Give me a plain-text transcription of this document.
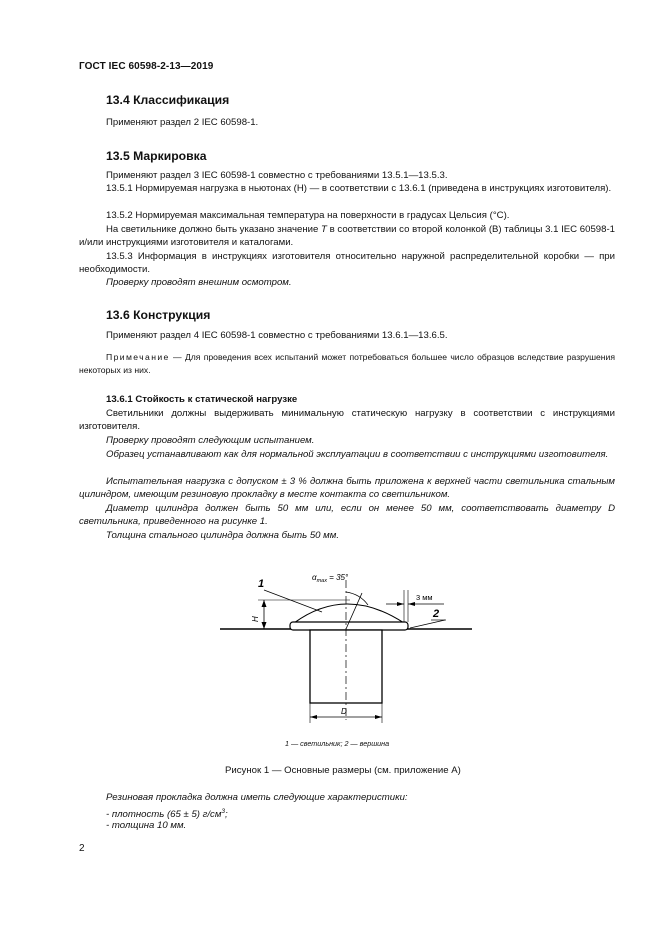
ГОСТ IEC 60598-2-13—2019
13.4 Классификация
Применяют раздел 2 IEC 60598-1.
13.5 Маркировка
Применяют раздел 3 IEC 60598-1 совместно с требованиями 13.5.1—13.5.3.
13.5.1 Нормируемая нагрузка в ньютонах (Н) — в соответствии с 13.6.1 (приведена в инструкциях изготовителя).
13.5.2 Нормируемая максимальная температура на поверхности в градусах Цельсия (°С).
На светильнике должно быть указано значение T в соответствии со второй колонкой (В) таблицы 3.1 IEC 60598-1 и/или инструкциями изготовителя и каталогами.
13.5.3 Информация в инструкциях изготовителя относительно наружной распределительной коробки — при необходимости.
Проверку проводят внешним осмотром.
13.6 Конструкция
Применяют раздел 4 IEC 60598-1 совместно с требованиями 13.6.1—13.6.5.
Примечание — Для проведения всех испытаний может потребоваться большее число образцов вследствие разрушения некоторых из них.
13.6.1 Стойкость к статической нагрузке
Светильники должны выдерживать минимальную статическую нагрузку в соответствии с инструкциями изготовителя.
Проверку проводят следующим испытанием.
Образец устанавливают как для нормальной эксплуатации в соответствии с инструкциями изготовителя.
Испытательная нагрузка с допуском ± 3 % должна быть приложена к верхней части светильника стальным цилиндром, имеющим резиновую прокладку в месте контакта со светильником.
Диаметр цилиндра должен быть 50 мм или, если он менее 50 мм, соответствовать диаметру D светильника, приведенного на рисунке 1.
Толщина стального цилиндра должна быть 50 мм.
H
1
$\alpha_{max} = 35^\circ$
3 мм
2
D
1 — светильник; 2 — вершина
Рисунок 1 — Основные размеры (см. приложение А)
Резиновая прокладка должна иметь следующие характеристики:
- плотность (65 ± 5) $г/см^3$;
- толщина 10 мм.
2
